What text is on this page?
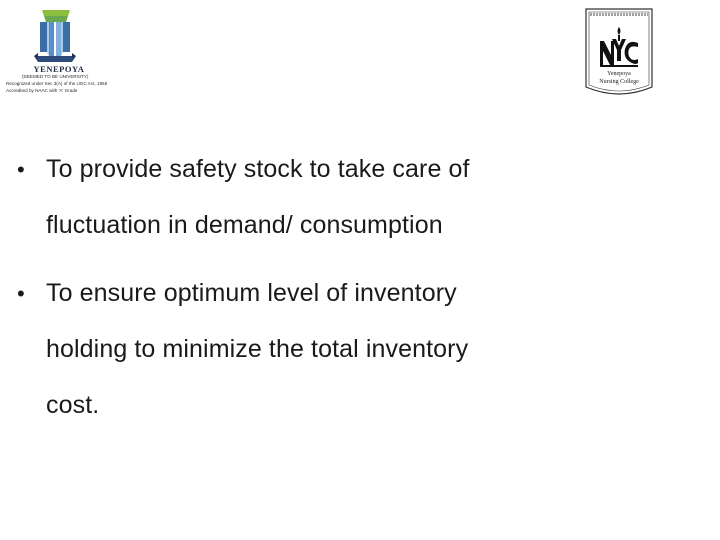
YENEPOYA
(DEEMED TO BE UNIVERSITY)
Recognized under Sec 3(A) of the UGC Act, 1956
Accredited by NAAC with 'A' Grade
Yenepoya
Nursing College
• To provide safety stock to take care of
fluctuation in demand/ consumption
• To ensure optimum level of inventory
holding to minimize the total inventory
cost.
